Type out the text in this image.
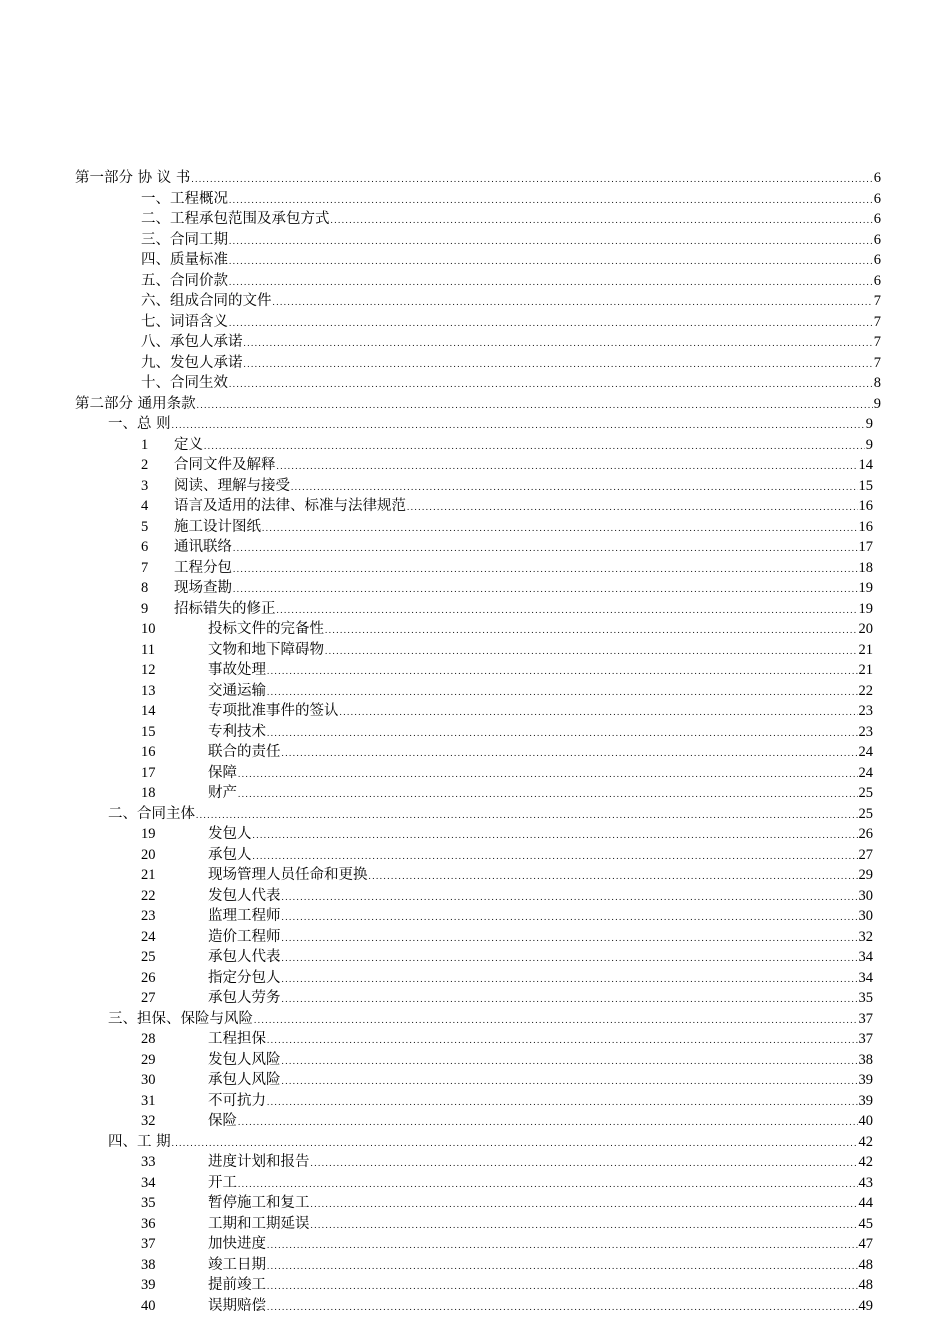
第一部分 协 议 书 .....	6
一、工程概况 .....	6
二、工程承包范围及承包方式 .....	6
三、合同工期 .....	6
四、质量标准 .....	6
五、合同价款 .....	6
六、组成合同的文件 .....	7
七、词语含义 .....	7
八、承包人承诺 .....	7
九、发包人承诺 .....	7
十、合同生效 .....	8
第二部分 通用条款 .....	9
一、总 则 .....	9
1	定义 .....	9
2	合同文件及解释 .....	14
3	阅读、理解与接受 .....	15
4	语言及适用的法律、标准与法律规范 .....	16
5	施工设计图纸 .....	16
6	通讯联络 .....	17
7	工程分包 .....	18
8	现场查勘 .....	19
9	招标错失的修正 .....	19
10	投标文件的完备性 .....	20
11	文物和地下障碍物 .....	21
12	事故处理 .....	21
13	交通运输 .....	22
14	专项批准事件的签认 .....	23
15	专利技术 .....	23
16	联合的责任 .....	24
17	保障 .....	24
18	财产 .....	25
二、合同主体 .....	25
19	发包人 .....	26
20	承包人 .....	27
21	现场管理人员任命和更换 .....	29
22	发包人代表 .....	30
23	监理工程师 .....	30
24	造价工程师 .....	32
25	承包人代表 .....	34
26	指定分包人 .....	34
27	承包人劳务 .....	35
三、担保、保险与风险 .....	37
28	工程担保 .....	37
29	发包人风险 .....	38
30	承包人风险 .....	39
31	不可抗力 .....	39
32	保险 .....	40
四、工 期 .....	42
33	进度计划和报告 .....	42
34	开工 .....	43
35	暂停施工和复工 .....	44
36	工期和工期延误 .....	45
37	加快进度 .....	47
38	竣工日期 .....	48
39	提前竣工 .....	48
40	误期赔偿 .....	49
